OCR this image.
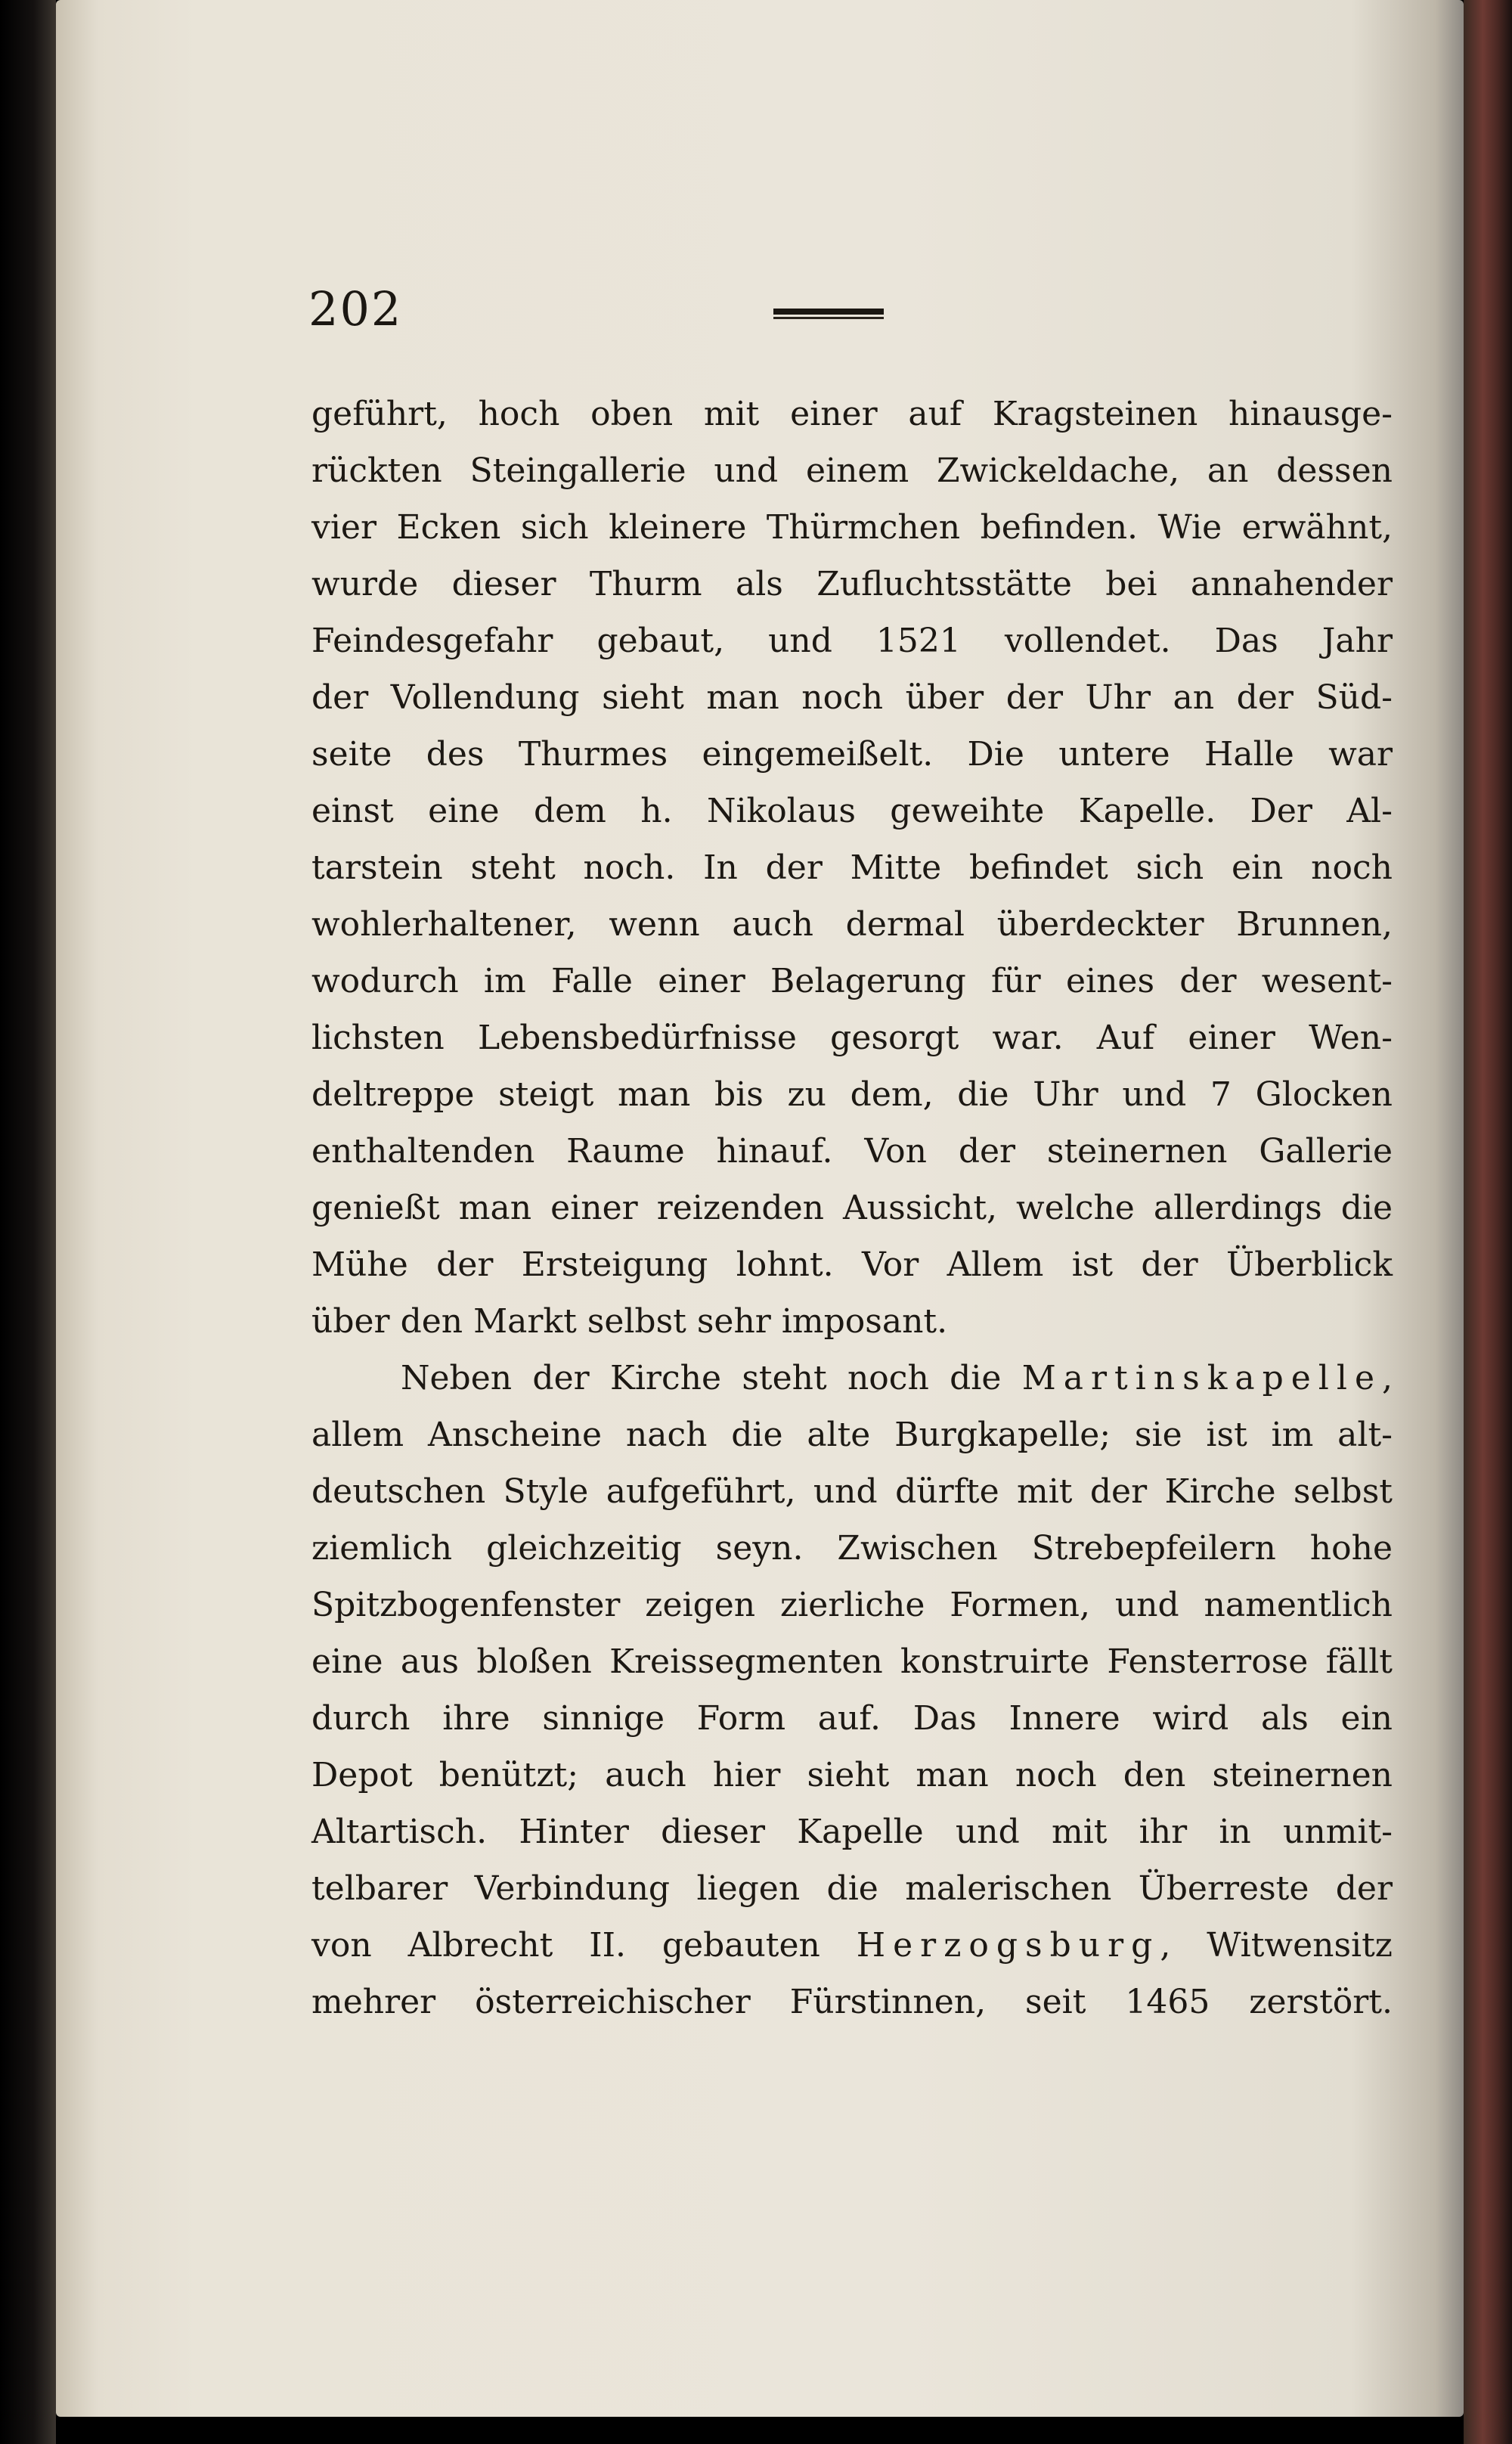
202
geführt, hoch oben mit einer auf Kragsteinen hinausge-
rückten Steingallerie und einem Zwickeldache, an dessen
vier Ecken sich kleinere Thürmchen befinden. Wie erwähnt,
wurde dieser Thurm als Zufluchtsstätte bei annahender
Feindesgefahr gebaut, und 1521 vollendet. Das Jahr
der Vollendung sieht man noch über der Uhr an der Süd-
seite des Thurmes eingemeißelt. Die untere Halle war
einst eine dem h. Nikolaus geweihte Kapelle. Der Al-
tarstein steht noch. In der Mitte befindet sich ein noch
wohlerhaltener, wenn auch dermal überdeckter Brunnen,
wodurch im Falle einer Belagerung für eines der wesent-
lichsten Lebensbedürfnisse gesorgt war. Auf einer Wen-
deltreppe steigt man bis zu dem, die Uhr und 7 Glocken
enthaltenden Raume hinauf. Von der steinernen Gallerie
genießt man einer reizenden Aussicht, welche allerdings die
Mühe der Ersteigung lohnt. Vor Allem ist der Überblick
über den Markt selbst sehr imposant.
Neben der Kirche steht noch die Martinskapelle,
allem Anscheine nach die alte Burgkapelle; sie ist im alt-
deutschen Style aufgeführt, und dürfte mit der Kirche selbst
ziemlich gleichzeitig seyn. Zwischen Strebepfeilern hohe
Spitzbogenfenster zeigen zierliche Formen, und namentlich
eine aus bloßen Kreissegmenten konstruirte Fensterrose fällt
durch ihre sinnige Form auf. Das Innere wird als ein
Depot benützt; auch hier sieht man noch den steinernen
Altartisch. Hinter dieser Kapelle und mit ihr in unmit-
telbarer Verbindung liegen die malerischen Überreste der
von Albrecht II. gebauten Herzogsburg, Witwensitz
mehrer österreichischer Fürstinnen, seit 1465 zerstört.
